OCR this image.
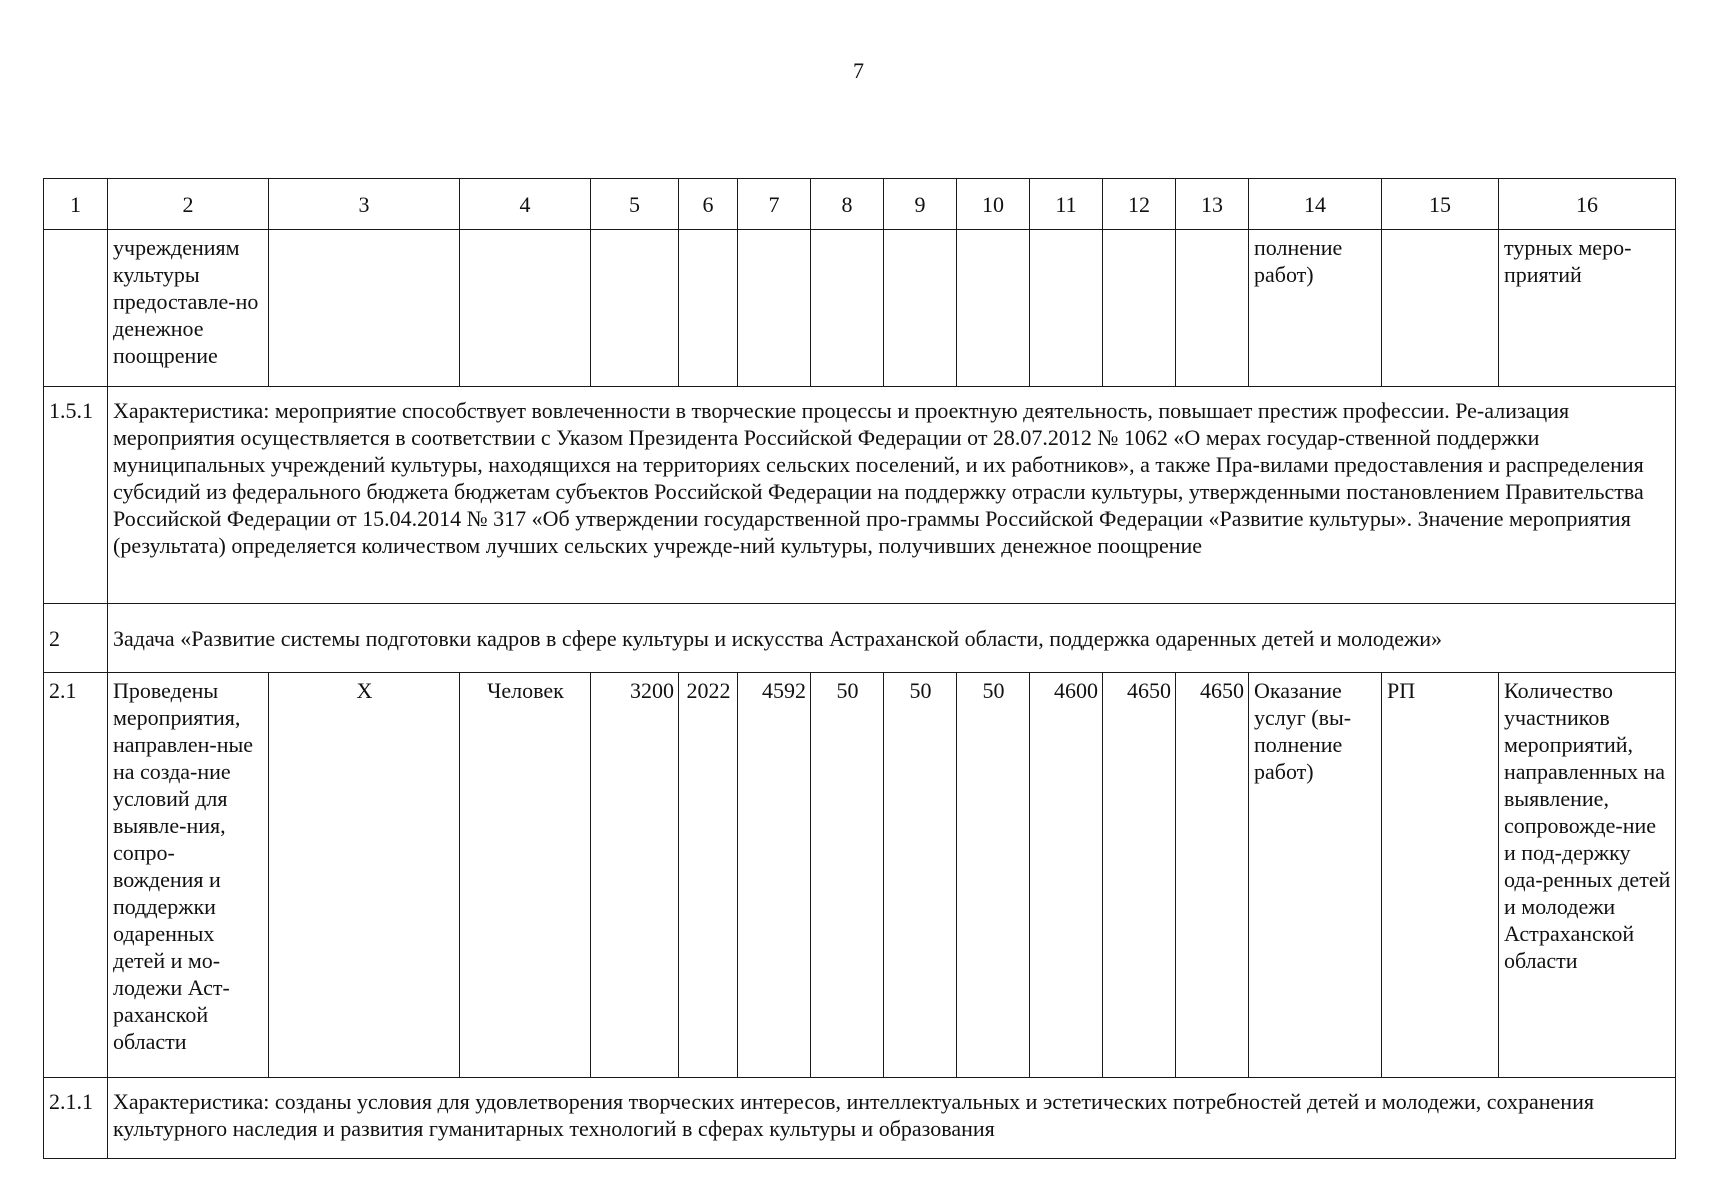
7
1	2	3	4	5	6	7	8	9	10	11	12	13	14	15	16
	учреждениям культуры предоставле-но денежное поощрение												полнение работ)		турных меро-приятий
1.5.1	Характеристика: мероприятие способствует вовлеченности в творческие процессы и проектную деятельность, повышает престиж профессии. Ре-ализация мероприятия осуществляется в соответствии с Указом Президента Российской Федерации от 28.07.2012 № 1062 «О мерах государ-ственной поддержки муниципальных учреждений культуры, находящихся на территориях сельских поселений, и их работников», а также Пра-вилами предоставления и распределения субсидий из федерального бюджета бюджетам субъектов Российской Федерации на поддержку отрасли культуры, утвержденными постановлением Правительства Российской Федерации от 15.04.2014 № 317 «Об утверждении государственной про-граммы Российской Федерации «Развитие культуры». Значение мероприятия (результата) определяется количеством лучших сельских учрежде-ний культуры, получивших денежное поощрение														
2	Задача «Развитие системы подготовки кадров в сфере культуры и искусства Астраханской области, поддержка одаренных детей и молодежи»														
2.1	Проведены мероприятия, направлен-ные на созда-ние условий для выявле-ния, сопро-вождения и поддержки одаренных детей и мо-лодежи Аст-раханской области	Х	Человек	3200	2022	4592	50	50	50	4600	4650	4650	Оказание услуг (вы-полнение работ)	РП	Количество участников мероприятий, направленных на выявление, сопровожде-ние и под-держку ода-ренных детей и молодежи Астраханской области
2.1.1	Характеристика: созданы условия для удовлетворения творческих интересов, интеллектуальных и эстетических потребностей детей и молодежи, сохранения культурного наследия и развития гуманитарных технологий в сферах культуры и образования														
